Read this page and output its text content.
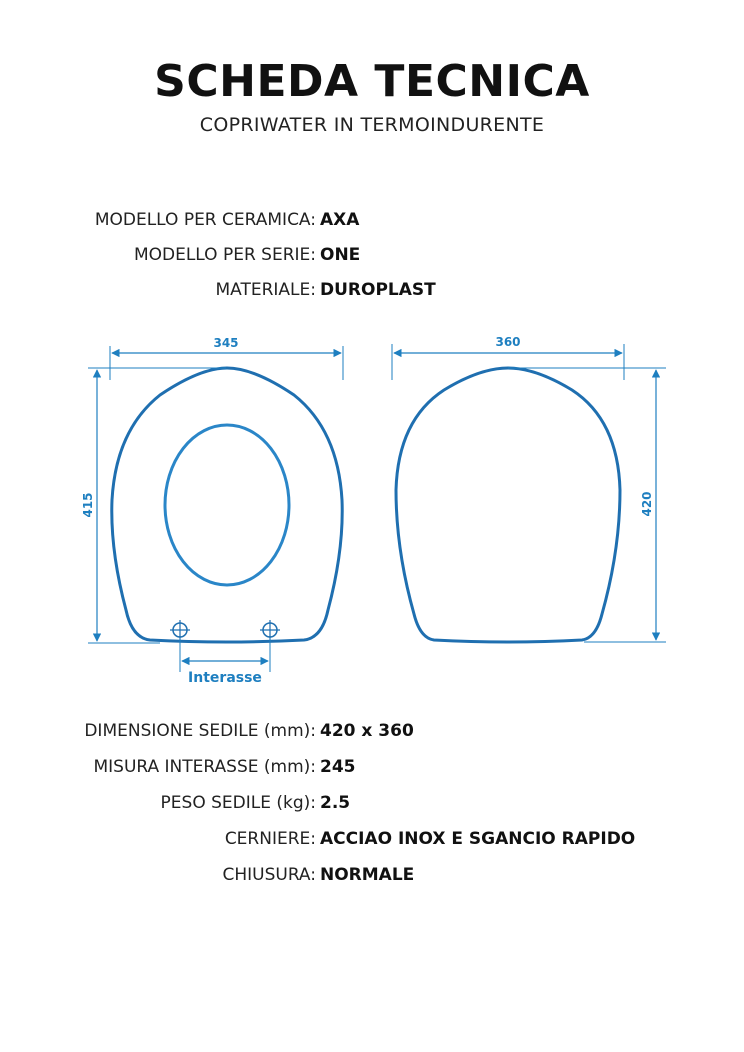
SCHEDA TECNICA
COPRIWATER IN TERMOINDURENTE
MODELLO PER CERAMICA: AXA
MODELLO PER SERIE: ONE
MATERIALE: DUROPLAST
345
415
Interasse
360
420
DIMENSIONE SEDILE (mm): 420 x 360
MISURA INTERASSE (mm): 245
PESO SEDILE (kg): 2.5
CERNIERE: ACCIAO INOX E SGANCIO RAPIDO
CHIUSURA: NORMALE
